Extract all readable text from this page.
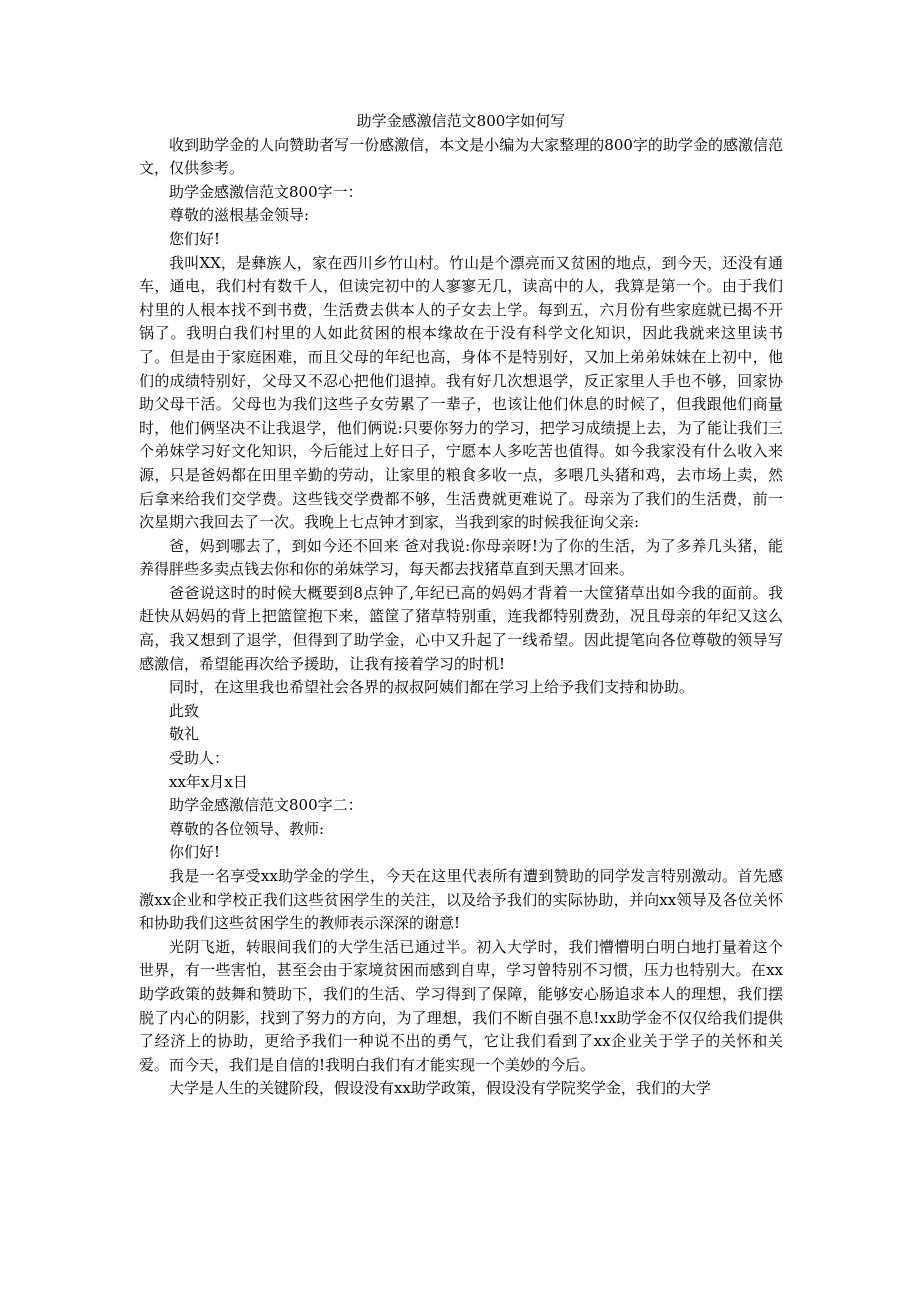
助学金感激信范文800字如何写

收到助学金的人向赞助者写一份感激信，本文是小编为大家整理的800字的助学金的感激信范文，仅供参考。

助学金感激信范文800字一：

尊敬的滋根基金领导:

您们好!

我叫XX，是彝族人，家在西川乡竹山村。竹山是个漂亮而又贫困的地点，到今天，还没有通车，通电，我们村有数千人，但读完初中的人寥寥无几，读高中的人，我算是第一个。由于我们村里的人根本找不到书费，生活费去供本人的子女去上学。每到五，六月份有些家庭就已揭不开锅了。我明白我们村里的人如此贫困的根本缘故在于没有科学文化知识，因此我就来这里读书了。但是由于家庭困难，而且父母的年纪也高，身体不是特别好，又加上弟弟妹妹在上初中，他们的成绩特别好，父母又不忍心把他们退掉。我有好几次想退学，反正家里人手也不够，回家协助父母干活。父母也为我们这些子女劳累了一辈子，也该让他们休息的时候了，但我跟他们商量时，他们俩坚决不让我退学，他们俩说:只要你努力的学习，把学习成绩提上去，为了能让我们三个弟妹学习好文化知识，今后能过上好日子，宁愿本人多吃苦也值得。如今我家没有什么收入来源，只是爸妈都在田里辛勤的劳动，让家里的粮食多收一点，多喂几头猪和鸡，去市场上卖，然后拿来给我们交学费。这些钱交学费都不够，生活费就更难说了。母亲为了我们的生活费，前一次星期六我回去了一次。我晚上七点钟才到家，当我到家的时候我征询父亲:

爸，妈到哪去了，到如今还不回来 爸对我说:你母亲呀!为了你的生活，为了多养几头猪，能养得胖些多卖点钱去你和你的弟妹学习，每天都去找猪草直到天黑才回来。

爸爸说这时的时候大概要到8点钟了,年纪已高的妈妈才背着一大筐猪草出如今我的面前。我赶快从妈妈的背上把篮筐抱下来，篮筐了猪草特别重，连我都特别费劲，况且母亲的年纪又这么高，我又想到了退学，但得到了助学金，心中又升起了一线希望。因此提笔向各位尊敬的领导写感激信，希望能再次给予援助，让我有接着学习的时机!

同时，在这里我也希望社会各界的叔叔阿姨们都在学习上给予我们支持和协助。

此致

敬礼

受助人：

xx年x月x日

助学金感激信范文800字二：

尊敬的各位领导、教师:

你们好!

我是一名享受xx助学金的学生，今天在这里代表所有遭到赞助的同学发言特别激动。首先感激xx企业和学校正我们这些贫困学生的关注，以及给予我们的实际协助，并向xx领导及各位关怀和协助我们这些贫困学生的教师表示深深的谢意!

光阴飞逝，转眼间我们的大学生活已通过半。初入大学时，我们懵懵明白明白地打量着这个世界，有一些害怕，甚至会由于家境贫困而感到自卑，学习曾特别不习惯，压力也特别大。在xx助学政策的鼓舞和赞助下，我们的生活、学习得到了保障，能够安心肠追求本人的理想，我们摆脱了内心的阴影，找到了努力的方向，为了理想，我们不断自强不息!xx助学金不仅仅给我们提供了经济上的协助，更给予我们一种说不出的勇气，它让我们看到了xx企业关于学子的关怀和关爱。而今天，我们是自信的!我明白我们有才能实现一个美妙的今后。

大学是人生的关键阶段，假设没有xx助学政策，假设没有学院奖学金，我们的大学
